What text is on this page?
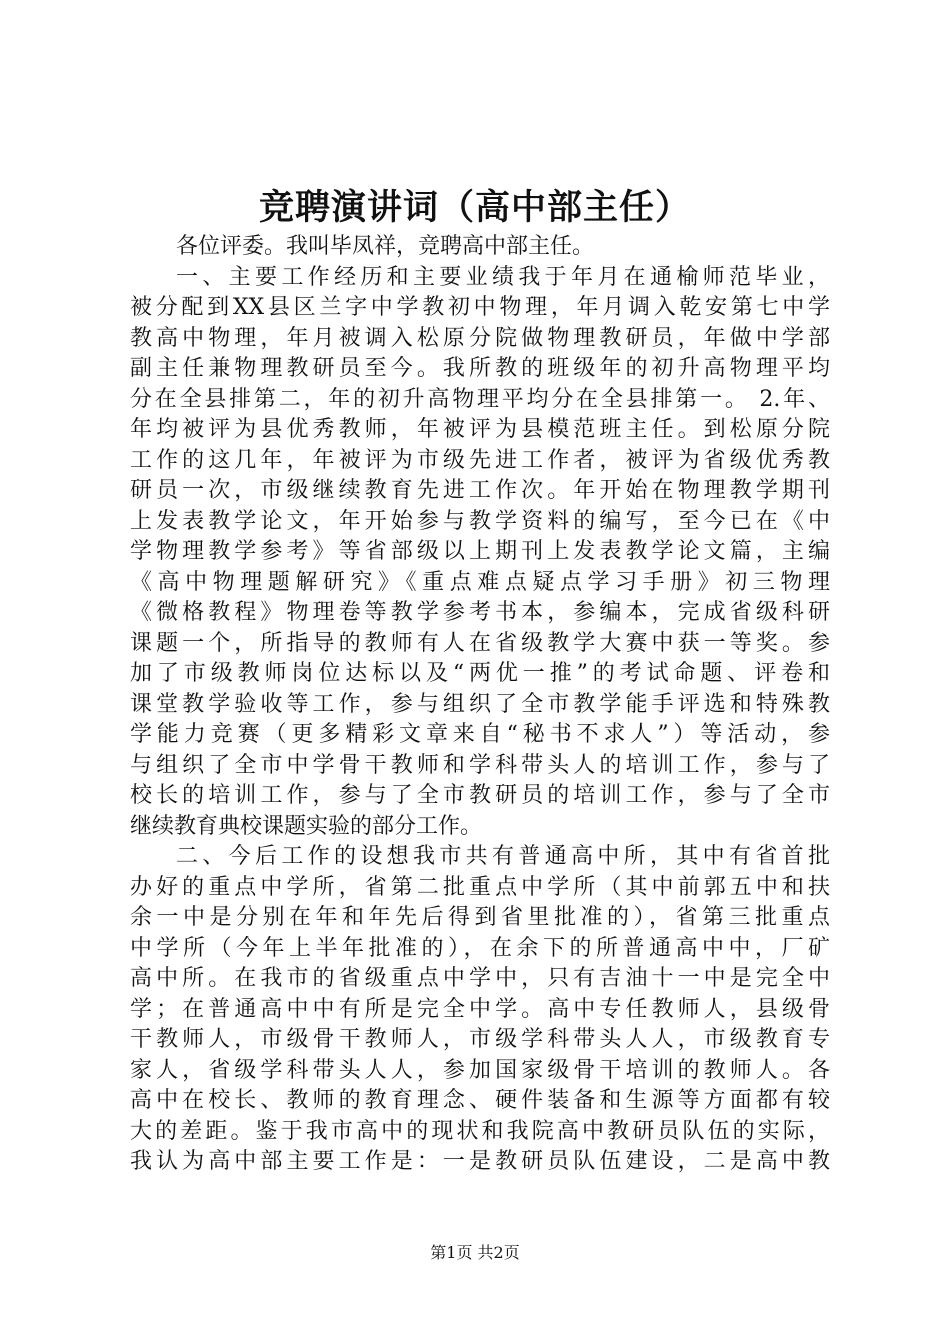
竞聘演讲词（高中部主任）
各位评委。我叫毕凤祥，竞聘高中部主任。
一、主要工作经历和主要业绩我于年月在通榆师范毕业，
被分配到XX县区兰字中学教初中物理，年月调入乾安第七中学
教高中物理，年月被调入松原分院做物理教研员，年做中学部
副主任兼物理教研员至今。我所教的班级年的初升高物理平均
分在全县排第二，年的初升高物理平均分在全县排第一。 2.年、
年均被评为县优秀教师，年被评为县模范班主任。到松原分院
工作的这几年，年被评为市级先进工作者，被评为省级优秀教
研员一次，市级继续教育先进工作次。年开始在物理教学期刊
上发表教学论文，年开始参与教学资料的编写，至今已在《中
学物理教学参考》等省部级以上期刊上发表教学论文篇，主编
《高中物理题解研究》《重点难点疑点学习手册》初三物理
《微格教程》物理卷等教学参考书本，参编本，完成省级科研
课题一个，所指导的教师有人在省级教学大赛中获一等奖。参
加了市级教师岗位达标以及“两优一推”的考试命题、评卷和
课堂教学验收等工作，参与组织了全市教学能手评选和特殊教
学能力竞赛（更多精彩文章来自“秘书不求人”）等活动，参
与组织了全市中学骨干教师和学科带头人的培训工作，参与了
校长的培训工作，参与了全市教研员的培训工作，参与了全市
继续教育典校课题实验的部分工作。
二、今后工作的设想我市共有普通高中所，其中有省首批
办好的重点中学所，省第二批重点中学所（其中前郭五中和扶
余一中是分别在年和年先后得到省里批准的），省第三批重点
中学所（今年上半年批准的），在余下的所普通高中中，厂矿
高中所。在我市的省级重点中学中，只有吉油十一中是完全中
学；在普通高中中有所是完全中学。高中专任教师人，县级骨
干教师人，市级骨干教师人，市级学科带头人人，市级教育专
家人，省级学科带头人人，参加国家级骨干培训的教师人。各
高中在校长、教师的教育理念、硬件装备和生源等方面都有较
大的差距。鉴于我市高中的现状和我院高中教研员队伍的实际，
我认为高中部主要工作是：一是教研员队伍建设，二是高中教
第1页 共2页
